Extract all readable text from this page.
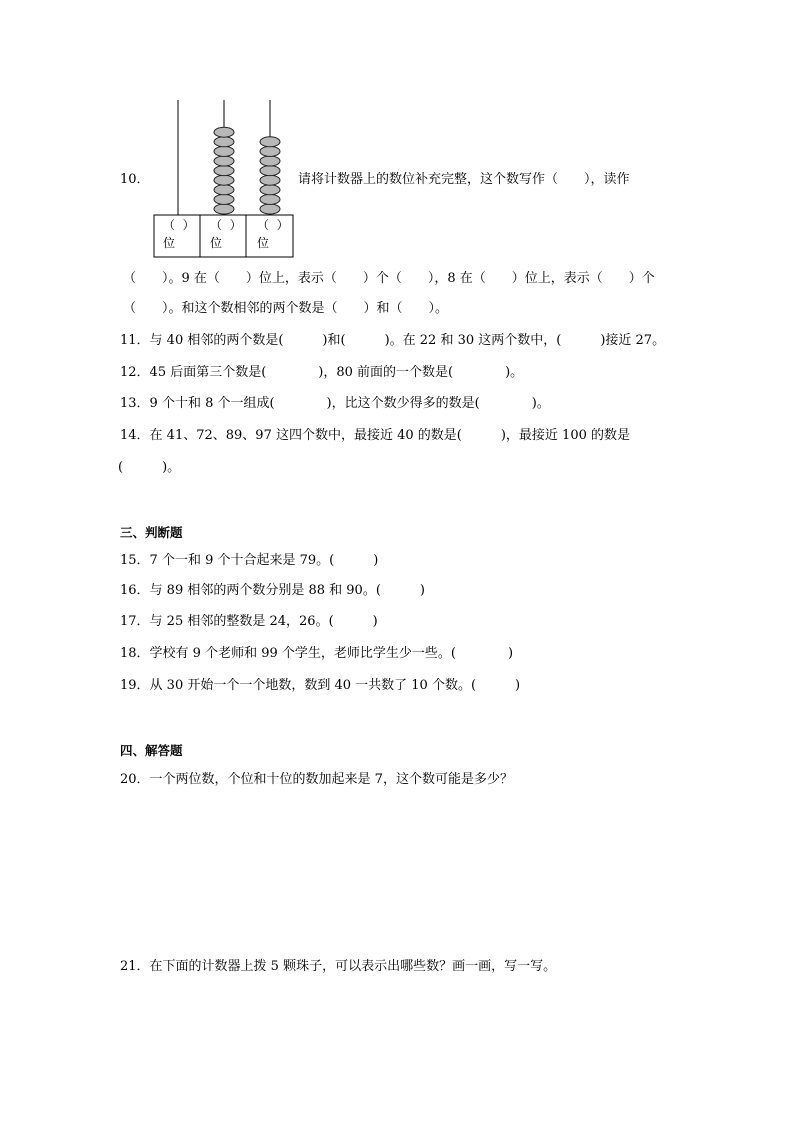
10．
（  ）
位
（  ）
位
（  ）
位
请将计数器上的数位补充完整，这个数写作（　　），读作
（　　）。9 在（　　）位上，表示（　　）个（　　），8 在（　　）位上，表示（　　）个
（　　）。和这个数相邻的两个数是（　　）和（　　）。
11．与 40 相邻的两个数是(　　　)和(　　　)。在 22 和 30 这两个数中，(　　　)接近 27。
12．45 后面第三个数是(　　　　)，80 前面的一个数是(　　　　)。
13．9 个十和 8 个一组成(　　　　)，比这个数少得多的数是(　　　　)。
14．在 41、72、89、97 这四个数中，最接近 40 的数是(　　　)，最接近 100 的数是
(　　　)。
三、判断题
15．7 个一和 9 个十合起来是 79。(　　　)
16．与 89 相邻的两个数分别是 88 和 90。(　　　)
17．与 25 相邻的整数是 24，26。(　　　)
18．学校有 9 个老师和 99 个学生，老师比学生少一些。(　　　　)
19．从 30 开始一个一个地数，数到 40 一共数了 10 个数。(　　　)
四、解答题
20．一个两位数，个位和十位的数加起来是 7，这个数可能是多少？
21．在下面的计数器上拨 5 颗珠子，可以表示出哪些数？画一画，写一写。
